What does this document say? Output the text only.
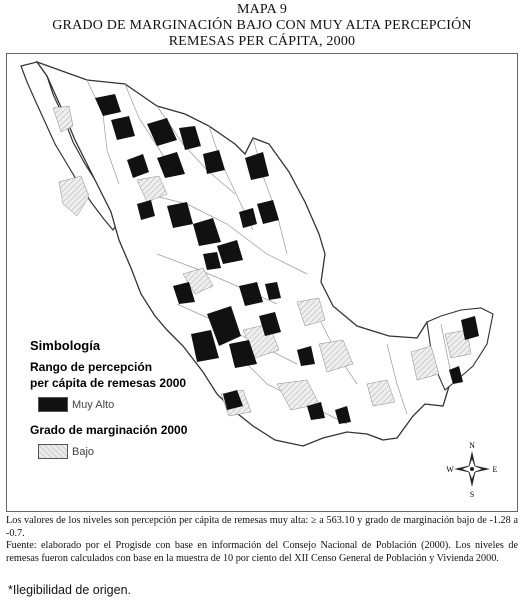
MAPA 9
GRADO DE MARGINACIÓN BAJO CON MUY ALTA PERCEPCIÓN
REMESAS PER CÁPITA, 2000
Simbología
Rango de percepción
per cápita de remesas 2000
Muy Alto
Grado de marginación 2000
Bajo	N
S
E
W
Los valores de los niveles son percepción per cápita de remesas muy alta: ≥ a 563.10 y grado de marginación bajo de -1.28 a -0.7.
Fuente: elaborado por el Progisde con base en información del Consejo Nacional de Población (2000). Los niveles de remesas fueron calculados con base en la muestra de 10 por ciento del XII Censo General de Población y Vivienda 2000.
*Ilegibilidad de origen.
